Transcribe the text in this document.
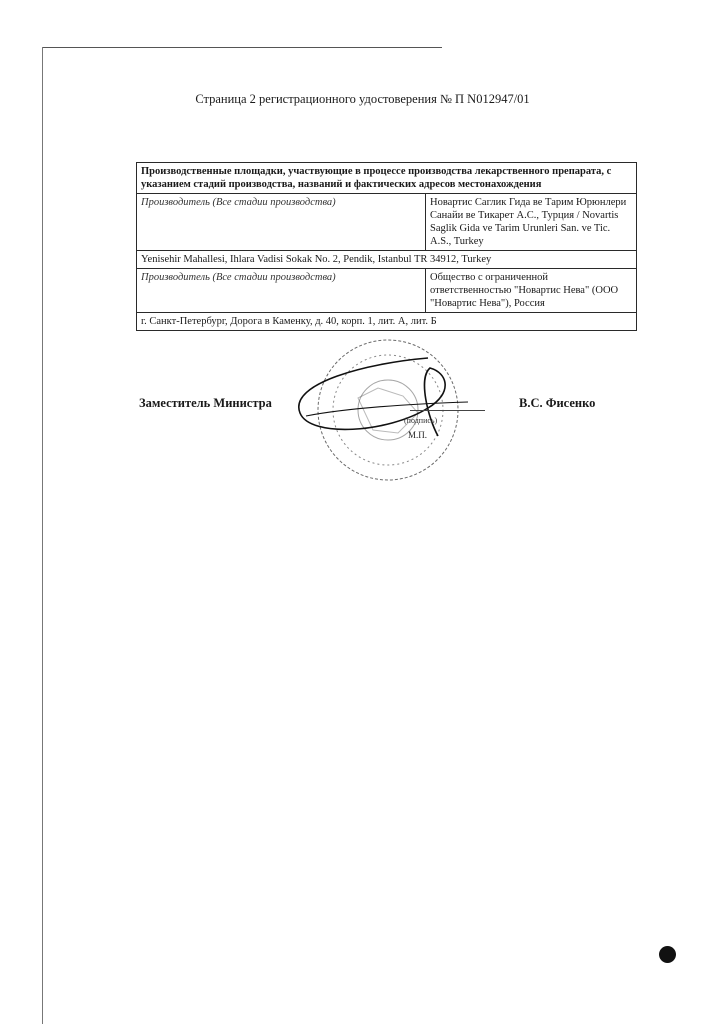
Страница 2 регистрационного удостоверения № П N012947/01
Производственные площадки, участвующие в процессе производства лекарственного препарата, с указанием стадий производства, названий и фактических адресов местонахождения	
Производитель (Все стадии производства)	Новартис Саглик Гида ве Тарим Юрюнлери Санайи ве Тикарет А.С., Турция / Novartis Saglik Gida ve Tarim Urunleri San. ve Tic. A.S., Turkey
Yenisehir Mahallesi, Ihlara Vadisi Sokak No. 2, Pendik, Istanbul TR 34912, Turkey	
Производитель (Все стадии производства)	Общество с ограниченной ответственностью "Новартис Нева" (ООО "Новартис Нева"), Россия
г. Санкт-Петербург, Дорога в Каменку, д. 40, корп. 1, лит. А, лит. Б	
Заместитель Министра	В.С. Фисенко
(подпись)
М.П.
